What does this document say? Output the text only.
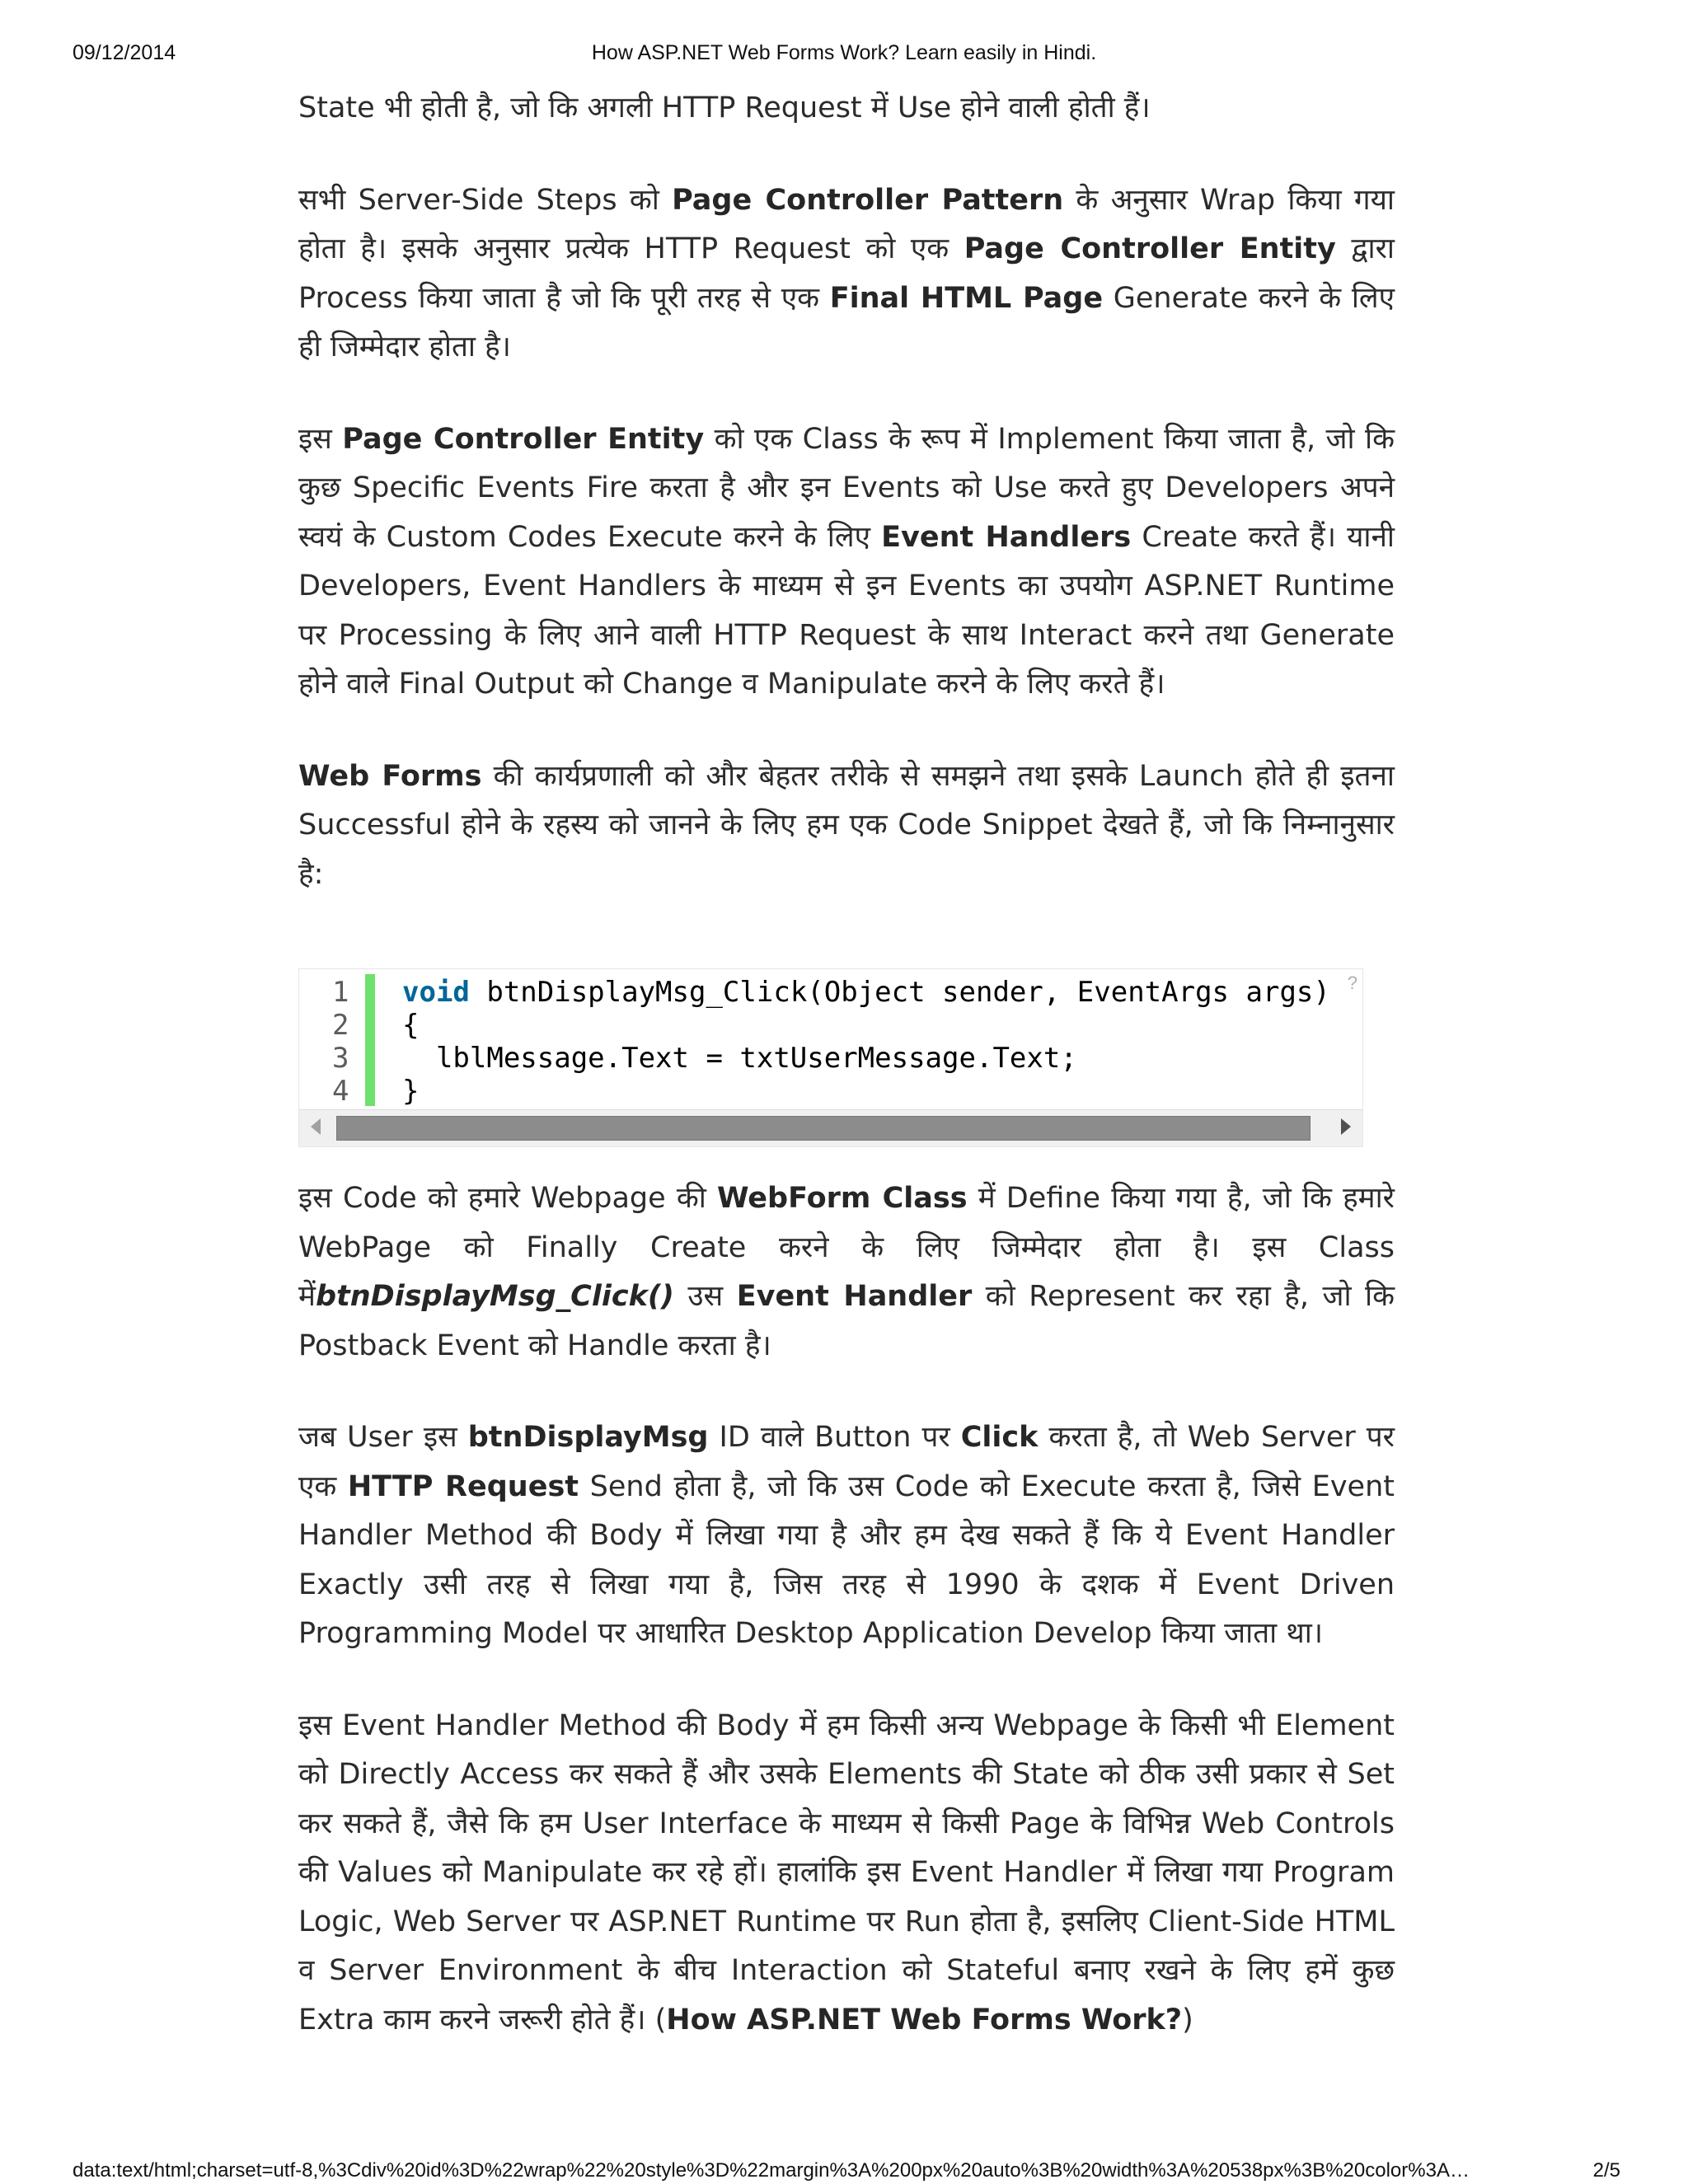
09/12/2014	How ASP.NET Web Forms Work? Learn easily in Hindi.

State भी होती है, जो कि अगली HTTP Request में Use होने वाली होती हैं।

सभी Server-Side Steps को Page Controller Pattern के अनुसार Wrap किया गया होता है। इसके अनुसार प्रत्येक HTTP Request को एक Page Controller Entity द्वारा Process किया जाता है जो कि पूरी तरह से एक Final HTML Page Generate करने के लिए ही जिम्मेदार होता है।

इस Page Controller Entity को एक Class के रूप में Implement किया जाता है, जो कि कुछ Specific Events Fire करता है और इन Events को Use करते हुए Developers अपने स्वयं के Custom Codes Execute करने के लिए Event Handlers Create करते हैं। यानी Developers, Event Handlers के माध्यम से इन Events का उपयोग ASP.NET Runtime पर Processing के लिए आने वाली HTTP Request के साथ Interact करने तथा Generate होने वाले Final Output को Change व Manipulate करने के लिए करते हैं।

Web Forms की कार्यप्रणाली को और बेहतर तरीके से समझने तथा इसके Launch होते ही इतना Successful होने के रहस्य को जानने के लिए हम एक Code Snippet देखते हैं, जो कि निम्नानुसार है:

1
2
3
4
void btnDisplayMsg_Click(Object sender, EventArgs args)
{
lblMessage.Text = txtUserMessage.Text;
}
?

इस Code को हमारे Webpage की WebForm Class में Define किया गया है, जो कि हमारे WebPage को Finally Create करने के लिए जिम्मेदार होता है। इस Class मेंbtnDisplayMsg_Click() उस Event Handler को Represent कर रहा है, जो कि Postback Event को Handle करता है।

जब User इस btnDisplayMsg ID वाले Button पर Click करता है, तो Web Server पर एक HTTP Request Send होता है, जो कि उस Code को Execute करता है, जिसे Event Handler Method की Body में लिखा गया है और हम देख सकते हैं कि ये Event Handler Exactly उसी तरह से लिखा गया है, जिस तरह से 1990 के दशक में Event Driven Programming Model पर आधारित Desktop Application Develop किया जाता था।

इस Event Handler Method की Body में हम किसी अन्य Webpage के किसी भी Element को Directly Access कर सकते हैं और उसके Elements की State को ठीक उसी प्रकार से Set कर सकते हैं, जैसे कि हम User Interface के माध्यम से किसी Page के विभिन्न Web Controls की Values को Manipulate कर रहे हों। हालांकि इस Event Handler में लिखा गया Program Logic, Web Server पर ASP.NET Runtime पर Run होता है, इसलिए Client-Side HTML व Server Environment के बीच Interaction को Stateful बनाए रखने के लिए हमें कुछ Extra काम करने जरूरी होते हैं। (How ASP.NET Web Forms Work?)

data:text/html;charset=utf-8,%3Cdiv%20id%3D%22wrap%22%20style%3D%22margin%3A%200px%20auto%3B%20width%3A%20538px%3B%20color%3A…	2/5
